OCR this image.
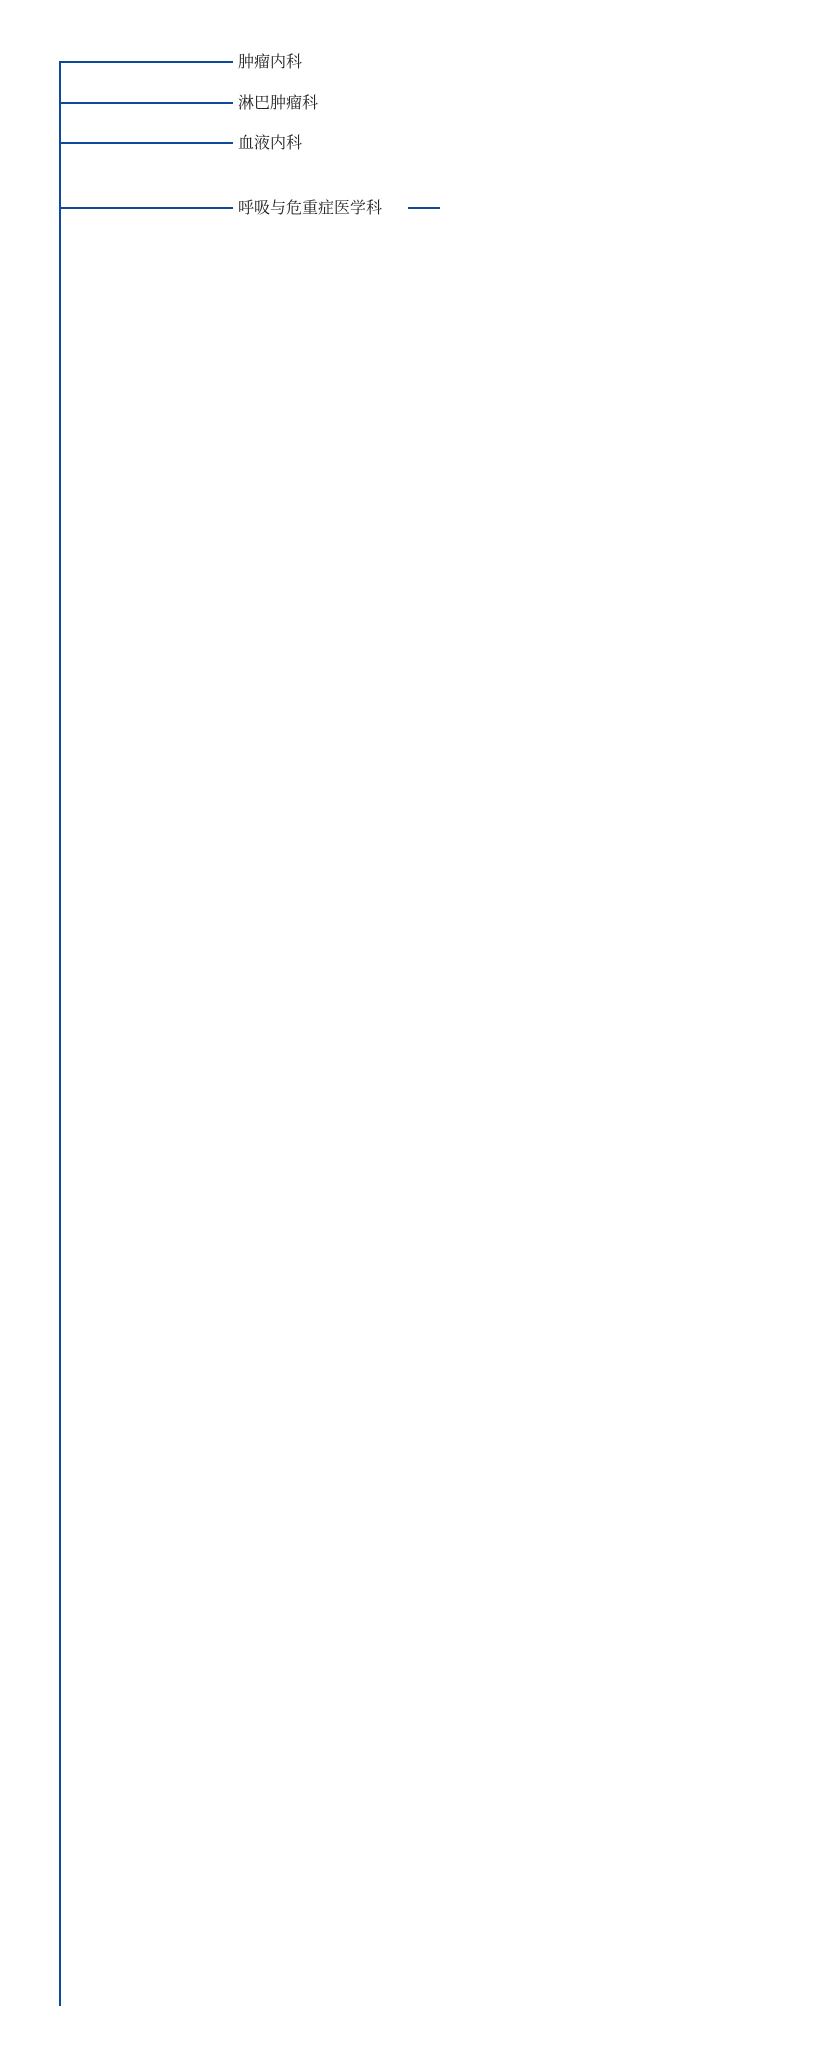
肿瘤内科
淋巴肿瘤科
血液内科
呼吸与危重症医学科
